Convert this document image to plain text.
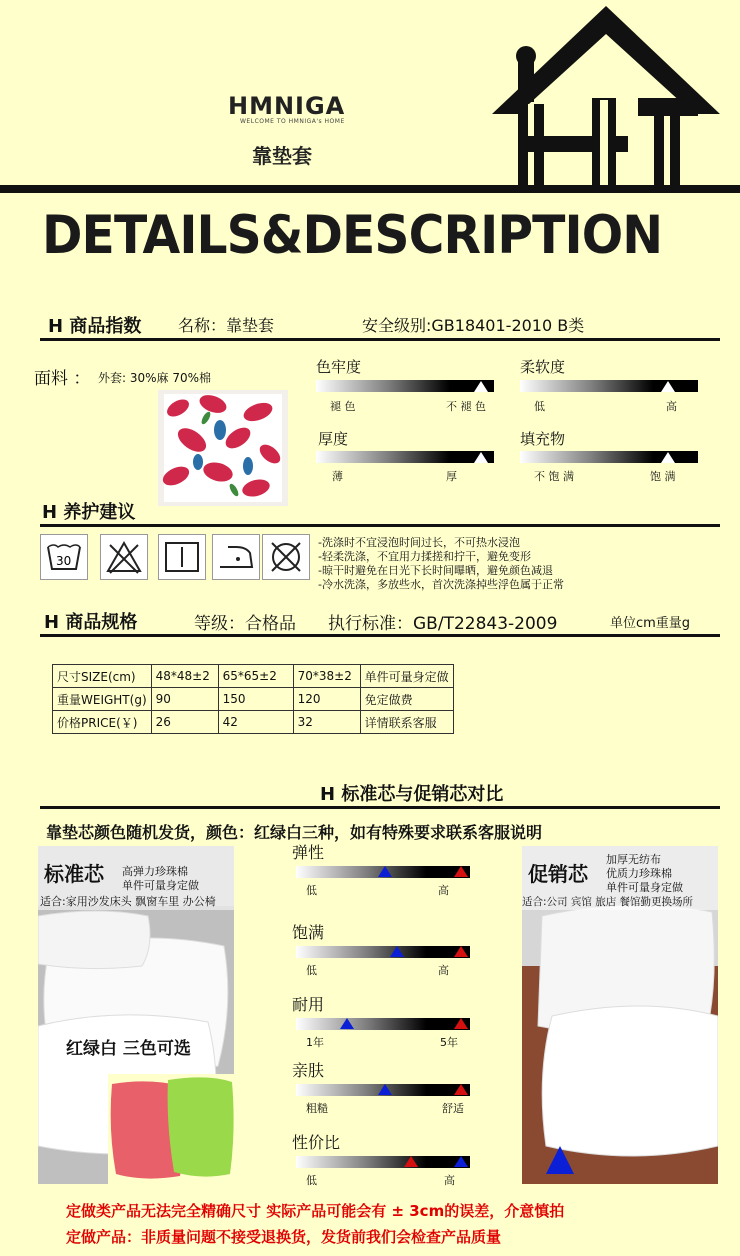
HMNIGA
WELCOME TO HMNIGA's HOME
靠垫套
DETAILS&DESCRIPTION
H 商品指数 名称：靠垫套	安全级别:GB18401-2010 B类
面料 ： 外套: 30%麻 70%棉
色牢度
褪 色	不 褪 色
柔软度
低	高
厚度
薄	厚
填充物
不 饱 满	饱 满
H 养护建议
30
-洗涤时不宜浸泡时间过长，不可热水浸泡
-轻柔洗涤，不宜用力揉搓和拧干，避免变形
-晾干时避免在日光下长时间曝晒，避免颜色减退
-冷水洗涤，多放些水，首次洗涤掉些浮色属于正常
H 商品规格	等级：合格品 执行标准：GB/T22843-2009	单位cm重量g
尺寸SIZE(cm)	48*48±2	65*65±2	70*38±2	单件可量身定做
重量WEIGHT(g)	90	150	120	免定做费
价格PRICE(￥)	26	42	32	详情联系客服
H 标准芯与促销芯对比
靠垫芯颜色随机发货，颜色：红绿白三种，如有特殊要求联系客服说明
标准芯 高弹力珍珠棉
单件可量身定做
适合:家用沙发床头 飘窗车里 办公椅
红绿白 三色可选
弹性
低	高
饱满
低	高
耐用
1年	5年
亲肤
粗糙	舒适
性价比
低	高
促销芯
加厚无纺布
优质力珍珠棉
单件可量身定做
适合:公司 宾馆 旅店 餐馆勤更换场所
定做类产品无法完全精确尺寸 实际产品可能会有 ± 3cm的误差，介意慎拍
定做产品：非质量问题不接受退换货，发货前我们会检查产品质量
